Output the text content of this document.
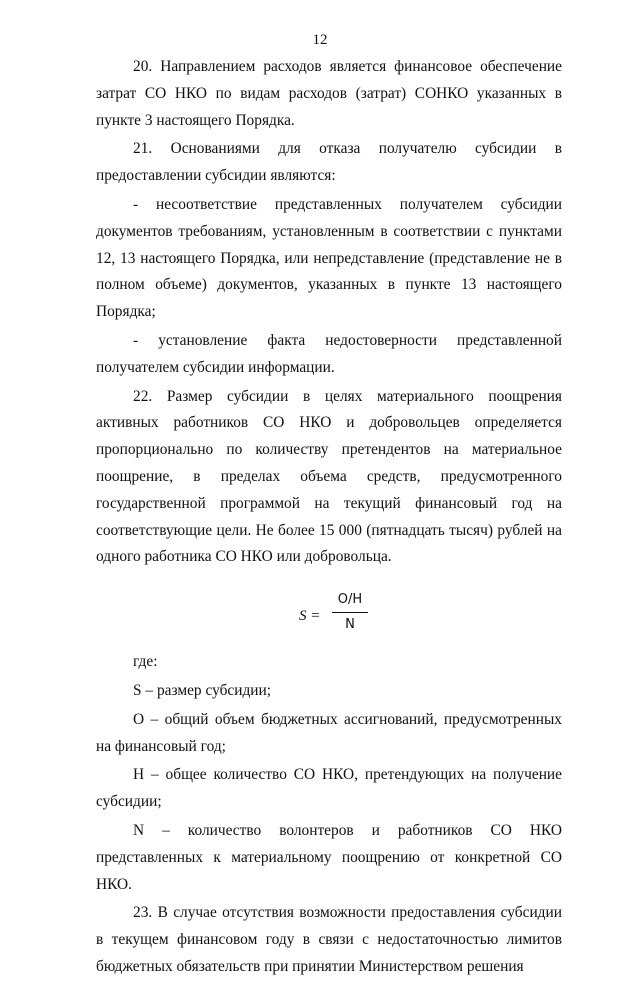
12

20. Направлением расходов является финансовое обеспечение затрат СО НКО по видам расходов (затрат) СОНКО указанных в пункте 3 настоящего Порядка.

21. Основаниями для отказа получателю субсидии в предоставлении субсидии являются:

- несоответствие представленных получателем субсидии документов требованиям, установленным в соответствии с пунктами 12, 13 настоящего Порядка, или непредставление (представление не в полном объеме) документов, указанных в пункте 13 настоящего Порядка;

- установление факта недостоверности представленной получателем субсидии информации.

22. Размер субсидии в целях материального поощрения активных работников СО НКО и добровольцев определяется пропорционально по количеству претендентов на материальное поощрение, в пределах объема средств, предусмотренного государственной программой на текущий финансовый год на соответствующие цели. Не более 15 000 (пятнадцать тысяч) рублей на одного работника СО НКО или добровольца.

$S = \frac{O/H}{N}$

где:

S – размер субсидии;

О – общий объем бюджетных ассигнований, предусмотренных на финансовый год;

Н – общее количество СО НКО, претендующих на получение субсидии;

N – количество волонтеров и работников СО НКО представленных к материальному поощрению от конкретной СО НКО.

23. В случае отсутствия возможности предоставления субсидии в текущем финансовом году в связи с недостаточностью лимитов бюджетных обязательств при принятии Министерством решения
